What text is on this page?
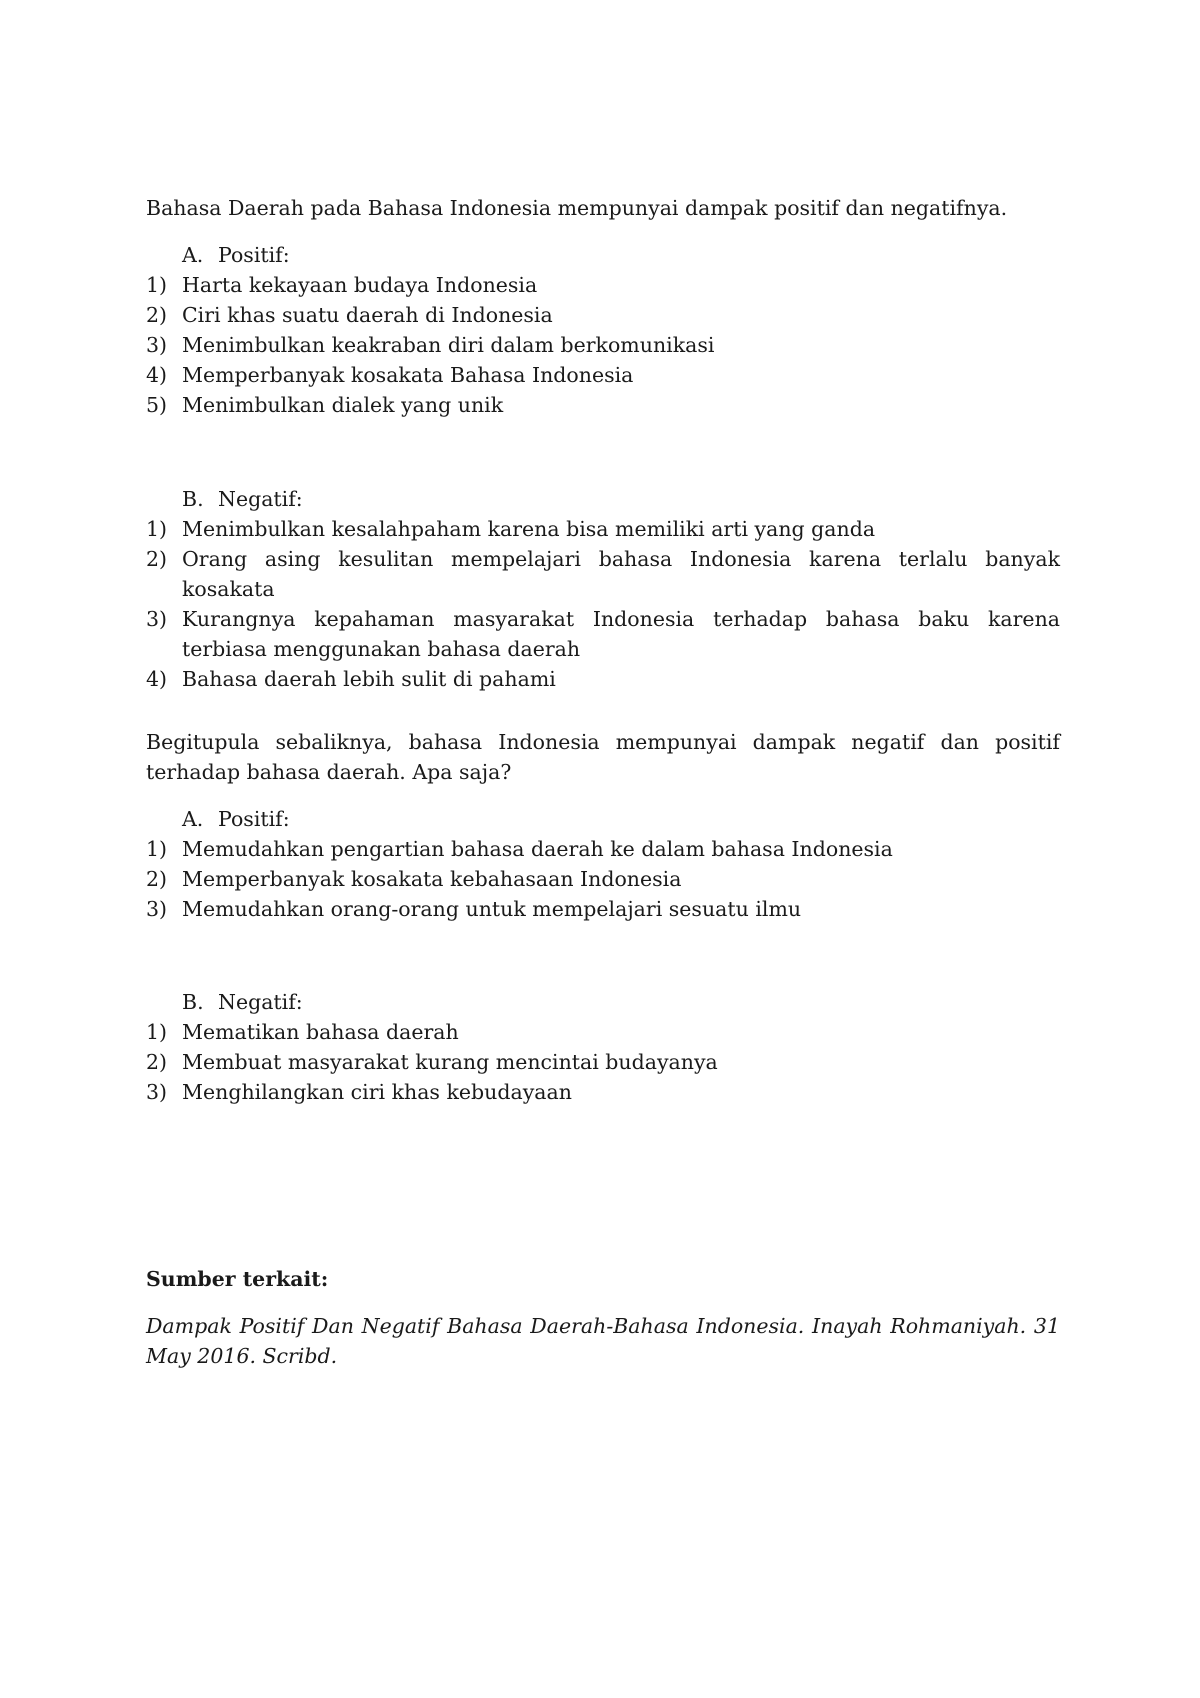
Bahasa Daerah pada Bahasa Indonesia mempunyai dampak positif dan negatifnya.

A. Positif:
1) Harta kekayaan budaya Indonesia
2) Ciri khas suatu daerah di Indonesia
3) Menimbulkan keakraban diri dalam berkomunikasi
4) Memperbanyak kosakata Bahasa Indonesia
5) Menimbulkan dialek yang unik
B. Negatif:
1) Menimbulkan kesalahpaham karena bisa memiliki arti yang ganda
2) Orang asing kesulitan mempelajari bahasa Indonesia karena terlalu banyak kosakata
3) Kurangnya kepahaman masyarakat Indonesia terhadap bahasa baku karena terbiasa menggunakan bahasa daerah
4) Bahasa daerah lebih sulit di pahami

Begitupula sebaliknya, bahasa Indonesia mempunyai dampak negatif dan positif terhadap bahasa daerah. Apa saja?

A. Positif:
1) Memudahkan pengartian bahasa daerah ke dalam bahasa Indonesia
2) Memperbanyak kosakata kebahasaan Indonesia
3) Memudahkan orang-orang untuk mempelajari sesuatu ilmu
B. Negatif:
1) Mematikan bahasa daerah
2) Membuat masyarakat kurang mencintai budayanya
3) Menghilangkan ciri khas kebudayaan

Sumber terkait:

Dampak Positif Dan Negatif Bahasa Daerah-Bahasa Indonesia. Inayah Rohmaniyah. 31 May 2016. Scribd.
